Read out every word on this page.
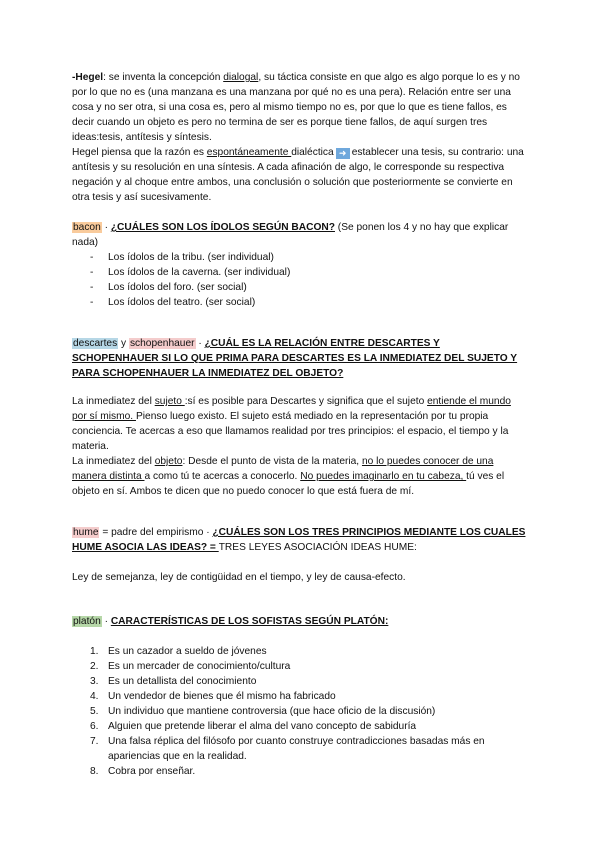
-Hegel: se inventa la concepción dialogal, su táctica consiste en que algo es algo porque lo es y no por lo que no es (una manzana es una manzana por qué no es una pera). Relación entre ser una cosa y no ser otra, si una cosa es, pero al mismo tiempo no es, por que lo que es tiene fallos, es decir cuando un objeto es pero no termina de ser es porque tiene fallos, de aquí surgen tres ideas:tesis, antítesis y síntesis.
Hegel piensa que la razón es espontáneamente dialéctica ➜ establecer una tesis, su contrario: una antítesis y su resolución en una síntesis. A cada afinación de algo, le corresponde su respectiva negación y al choque entre ambos, una conclusión o solución que posteriormente se convierte en otra tesis y así sucesivamente.
bacon · ¿CUÁLES SON LOS ÍDOLOS SEGÚN BACON? (Se ponen los 4 y no hay que explicar nada)
- Los ídolos de la tribu. (ser individual)
- Los ídolos de la caverna. (ser individual)
- Los ídolos del foro. (ser social)
- Los ídolos del teatro. (ser social)
descartes y schopenhauer · ¿CUÁL ES LA RELACIÓN ENTRE DESCARTES Y SCHOPENHAUER SI LO QUE PRIMA PARA DESCARTES ES LA INMEDIATEZ DEL SUJETO Y PARA SCHOPENHAUER LA INMEDIATEZ DEL OBJETO?
La inmediatez del sujeto :sí es posible para Descartes y significa que el sujeto entiende el mundo por sí mismo. Pienso luego existo. El sujeto está mediado en la representación por tu propia conciencia. Te acercas a eso que llamamos realidad por tres principios: el espacio, el tiempo y la materia.
La inmediatez del objeto: Desde el punto de vista de la materia, no lo puedes conocer de una manera distinta a como tú te acercas a conocerlo. No puedes imaginarlo en tu cabeza, tú ves el objeto en sí. Ambos te dicen que no puedo conocer lo que está fuera de mí.
hume = padre del empirismo · ¿CUÁLES SON LOS TRES PRINCIPIOS MEDIANTE LOS CUALES HUME ASOCIA LAS IDEAS? = TRES LEYES ASOCIACIÓN IDEAS HUME:
Ley de semejanza, ley de contigüidad en el tiempo, y ley de causa-efecto.
platón · CARACTERÍSTICAS DE LOS SOFISTAS SEGÚN PLATÓN:
1. Es un cazador a sueldo de jóvenes
2. Es un mercader de conocimiento/cultura
3. Es un detallista del conocimiento
4. Un vendedor de bienes que él mismo ha fabricado
5. Un individuo que mantiene controversia (que hace oficio de la discusión)
6. Alguien que pretende liberar el alma del vano concepto de sabiduría
7. Una falsa réplica del filósofo por cuanto construye contradicciones basadas más en apariencias que en la realidad.
8. Cobra por enseñar.
